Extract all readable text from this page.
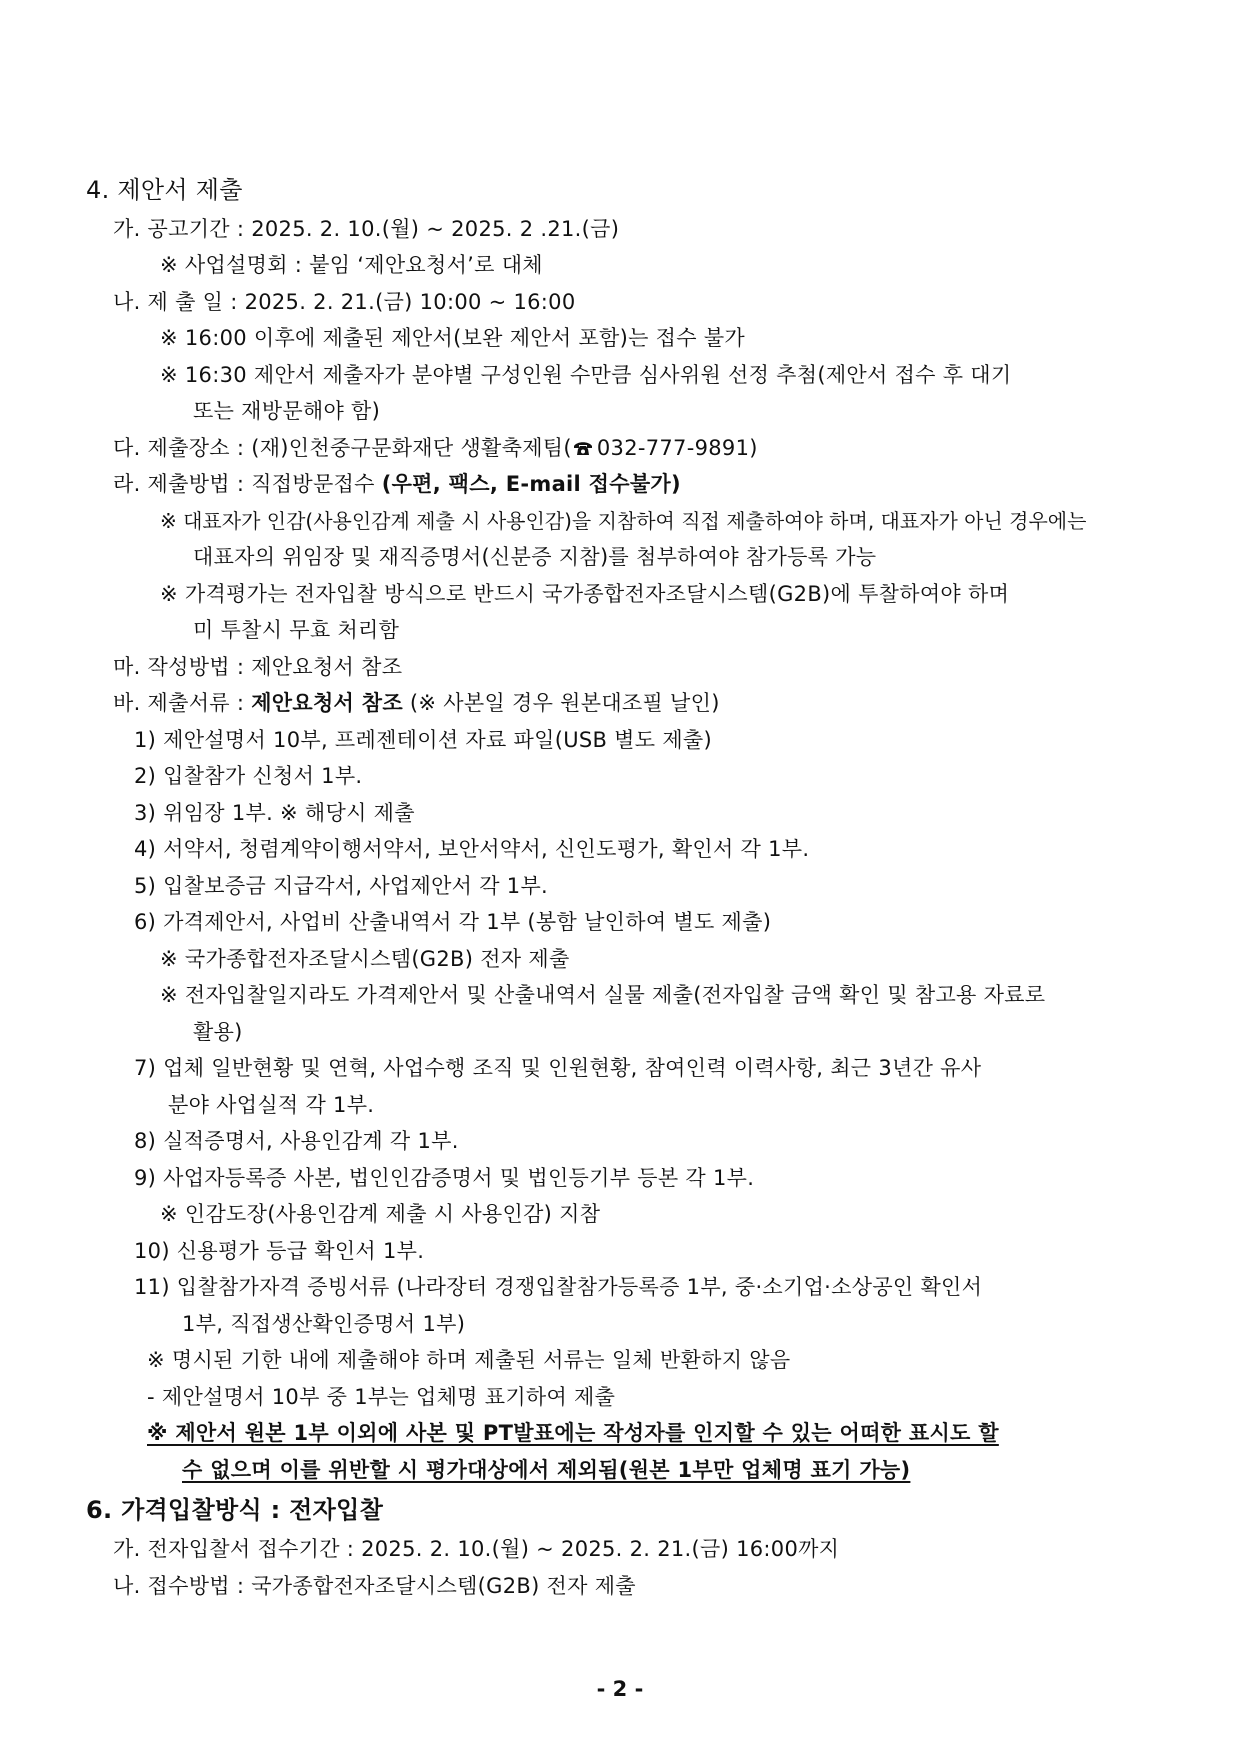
4. 제안서 제출
가. 공고기간 : 2025. 2. 10.(월) ~ 2025. 2 .21.(금)
※ 사업설명회 : 붙임 ‘제안요청서’로 대체
나. 제 출 일 : 2025. 2. 21.(금) 10:00 ~ 16:00
※ 16:00 이후에 제출된 제안서(보완 제안서 포함)는 접수 불가
※ 16:30 제안서 제출자가 분야별 구성인원 수만큼 심사위원 선정 추첨(제안서 접수 후 대기
또는 재방문해야 함)
다. 제출장소 : (재)인천중구문화재단 생활축제팀( 032-777-9891)
라. 제출방법 : 직접방문접수 (우편, 팩스, E-mail 접수불가)
※ 대표자가 인감(사용인감계 제출 시 사용인감)을 지참하여 직접 제출하여야 하며, 대표자가 아닌 경우에는
대표자의 위임장 및 재직증명서(신분증 지참)를 첨부하여야 참가등록 가능
※ 가격평가는 전자입찰 방식으로 반드시 국가종합전자조달시스템(G2B)에 투찰하여야 하며
미 투찰시 무효 처리함
마. 작성방법 : 제안요청서 참조
바. 제출서류 : 제안요청서 참조 (※ 사본일 경우 원본대조필 날인)
1) 제안설명서 10부, 프레젠테이션 자료 파일(USB 별도 제출)
2) 입찰참가 신청서 1부.
3) 위임장 1부. ※ 해당시 제출
4) 서약서, 청렴계약이행서약서, 보안서약서, 신인도평가, 확인서 각 1부.
5) 입찰보증금 지급각서, 사업제안서 각 1부.
6) 가격제안서, 사업비 산출내역서 각 1부 (봉함 날인하여 별도 제출)
※ 국가종합전자조달시스템(G2B) 전자 제출
※ 전자입찰일지라도 가격제안서 및 산출내역서 실물 제출(전자입찰 금액 확인 및 참고용 자료로
활용)
7) 업체 일반현황 및 연혁, 사업수행 조직 및 인원현황, 참여인력 이력사항, 최근 3년간 유사
분야 사업실적 각 1부.
8) 실적증명서, 사용인감계 각 1부.
9) 사업자등록증 사본, 법인인감증명서 및 법인등기부 등본 각 1부.
※ 인감도장(사용인감계 제출 시 사용인감) 지참
10) 신용평가 등급 확인서 1부.
11) 입찰참가자격 증빙서류 (나라장터 경쟁입찰참가등록증 1부, 중·소기업·소상공인 확인서
1부, 직접생산확인증명서 1부)
※ 명시된 기한 내에 제출해야 하며 제출된 서류는 일체 반환하지 않음
- 제안설명서 10부 중 1부는 업체명 표기하여 제출
※ 제안서 원본 1부 이외에 사본 및 PT발표에는 작성자를 인지할 수 있는 어떠한 표시도 할
수 없으며 이를 위반할 시 평가대상에서 제외됨(원본 1부만 업체명 표기 가능)
6. 가격입찰방식 : 전자입찰
가. 전자입찰서 접수기간 : 2025. 2. 10.(월) ~ 2025. 2. 21.(금) 16:00까지
나. 접수방법 : 국가종합전자조달시스템(G2B) 전자 제출
- 2 -
